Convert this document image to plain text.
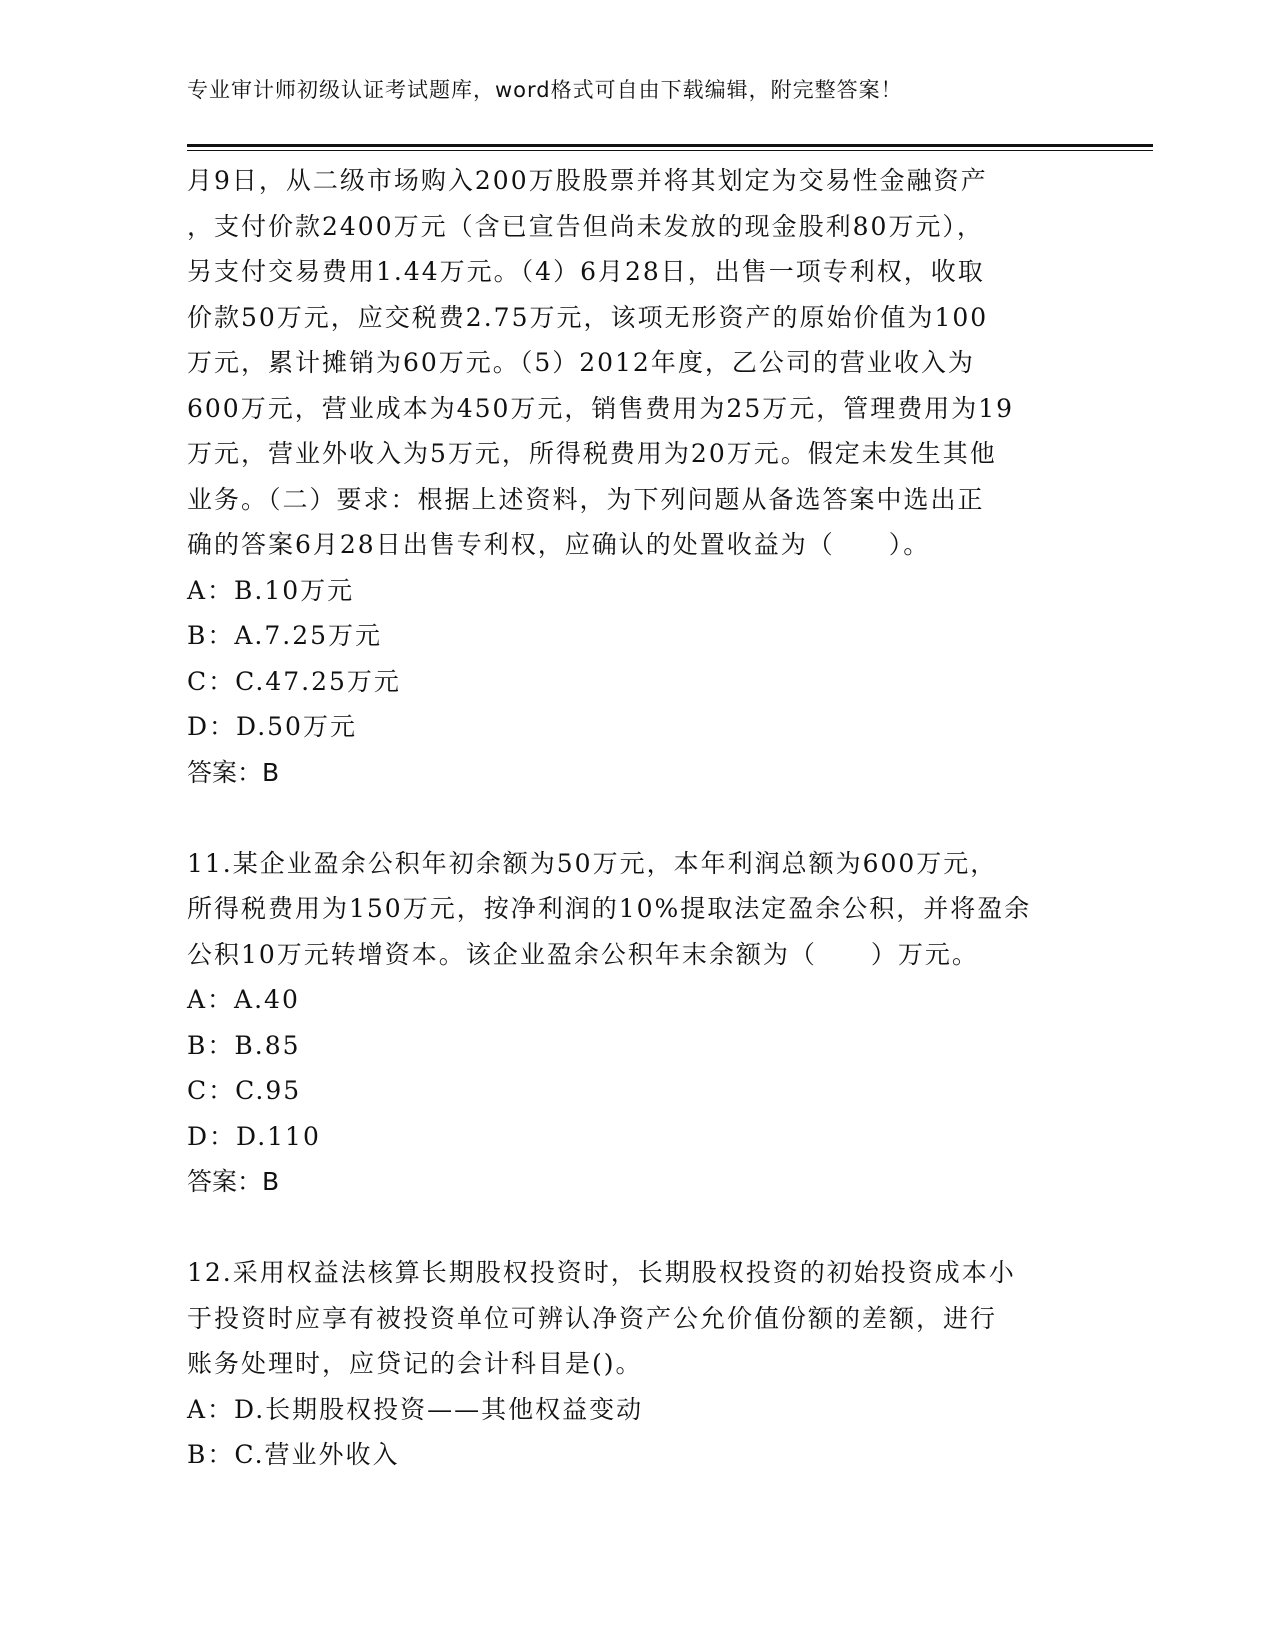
专业审计师初级认证考试题库，word格式可自由下载编辑，附完整答案！
月9日，从二级市场购入200万股股票并将其划定为交易性金融资产
，支付价款2400万元（含已宣告但尚未发放的现金股利80万元），
另支付交易费用1.44万元。（4）6月28日，出售一项专利权，收取
价款50万元，应交税费2.75万元，该项无形资产的原始价值为100
万元，累计摊销为60万元。（5）2012年度，乙公司的营业收入为
600万元，营业成本为450万元，销售费用为25万元，管理费用为19
万元，营业外收入为5万元，所得税费用为20万元。假定未发生其他
业务。（二）要求：根据上述资料，为下列问题从备选答案中选出正
确的答案6月28日出售专利权，应确认的处置收益为（　　）。
A：B.10万元
B：A.7.25万元
C：C.47.25万元
D：D.50万元
答案：B
11.某企业盈余公积年初余额为50万元，本年利润总额为600万元，
所得税费用为150万元，按净利润的10%提取法定盈余公积，并将盈余
公积10万元转增资本。该企业盈余公积年末余额为（　　）万元。
A：A.40
B：B.85
C：C.95
D：D.110
答案：B
12.采用权益法核算长期股权投资时，长期股权投资的初始投资成本小
于投资时应享有被投资单位可辨认净资产公允价值份额的差额，进行
账务处理时，应贷记的会计科目是()。
A：D.长期股权投资——其他权益变动
B：C.营业外收入
